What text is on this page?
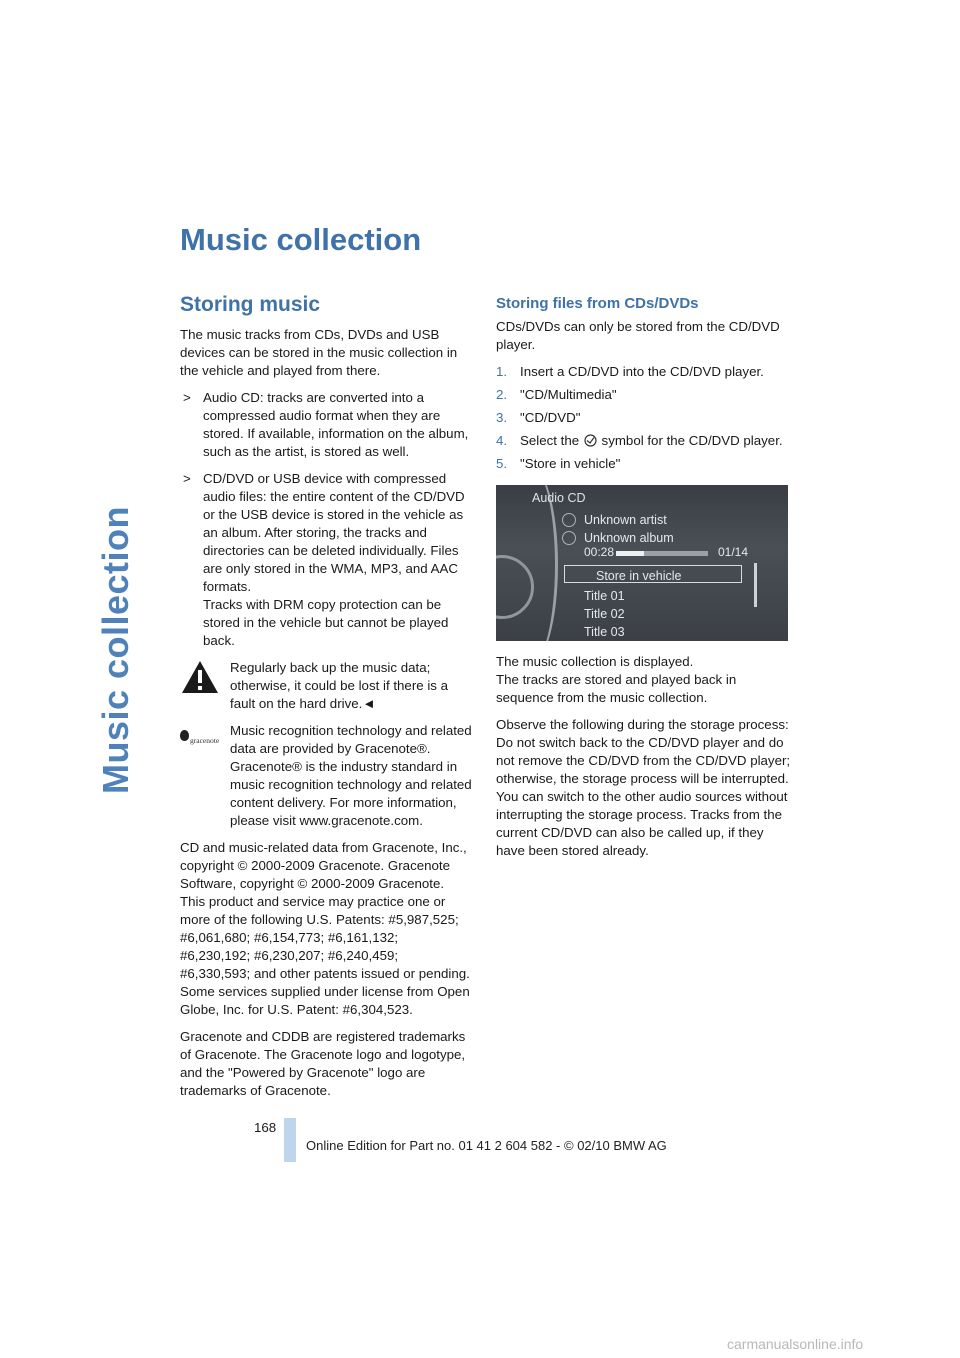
Music collection
Music collection
Storing music

The music tracks from CDs, DVDs and USB devices can be stored in the music collection in the vehicle and played from there.

> Audio CD: tracks are converted into a compressed audio format when they are stored. If available, information on the album, such as the artist, is stored as well.
> CD/DVD or USB device with compressed audio files: the entire content of the CD/DVD or the USB device is stored in the vehicle as an album. After storing, the tracks and directories can be deleted individually. Files are only stored in the WMA, MP3, and AAC formats.
Tracks with DRM copy protection can be stored in the vehicle but cannot be played back.
Regularly back up the music data; otherwise, it could be lost if there is a fault on the hard drive.◄
gracenote
Music recognition technology and related data are provided by Gracenote®. Gracenote® is the industry standard in music recognition technology and related content delivery. For more information, please visit www.gracenote.com.

CD and music-related data from Gracenote, Inc., copyright © 2000-2009 Gracenote. Gracenote Software, copyright © 2000-2009 Gracenote. This product and service may practice one or more of the following U.S. Patents: #5,987,525; #6,061,680; #6,154,773; #6,161,132; #6,230,192; #6,230,207; #6,240,459; #6,330,593; and other patents issued or pending. Some services supplied under license from Open Globe, Inc. for U.S. Patent: #6,304,523.

Gracenote and CDDB are registered trademarks of Gracenote. The Gracenote logo and logotype, and the "Powered by Gracenote" logo are trademarks of Gracenote.

Storing files from CDs/DVDs

CDs/DVDs can only be stored from the CD/DVD player.

1. Insert a CD/DVD into the CD/DVD player.
2. "CD/Multimedia"
3. "CD/DVD"
4. Select the symbol for the CD/DVD player.
5. "Store in vehicle"
Audio CD
Unknown artist
Unknown album
00:28	01/14
Store in vehicle
Title 01
Title 02
Title 03

The music collection is displayed.
The tracks are stored and played back in sequence from the music collection.

Observe the following during the storage process:
Do not switch back to the CD/DVD player and do not remove the CD/DVD from the CD/DVD player; otherwise, the storage process will be interrupted.
You can switch to the other audio sources without interrupting the storage process. Tracks from the current CD/DVD can also be called up, if they have been stored already.

168
Online Edition for Part no. 01 41 2 604 582 - © 02/10 BMW AG
carmanualsonline.info
